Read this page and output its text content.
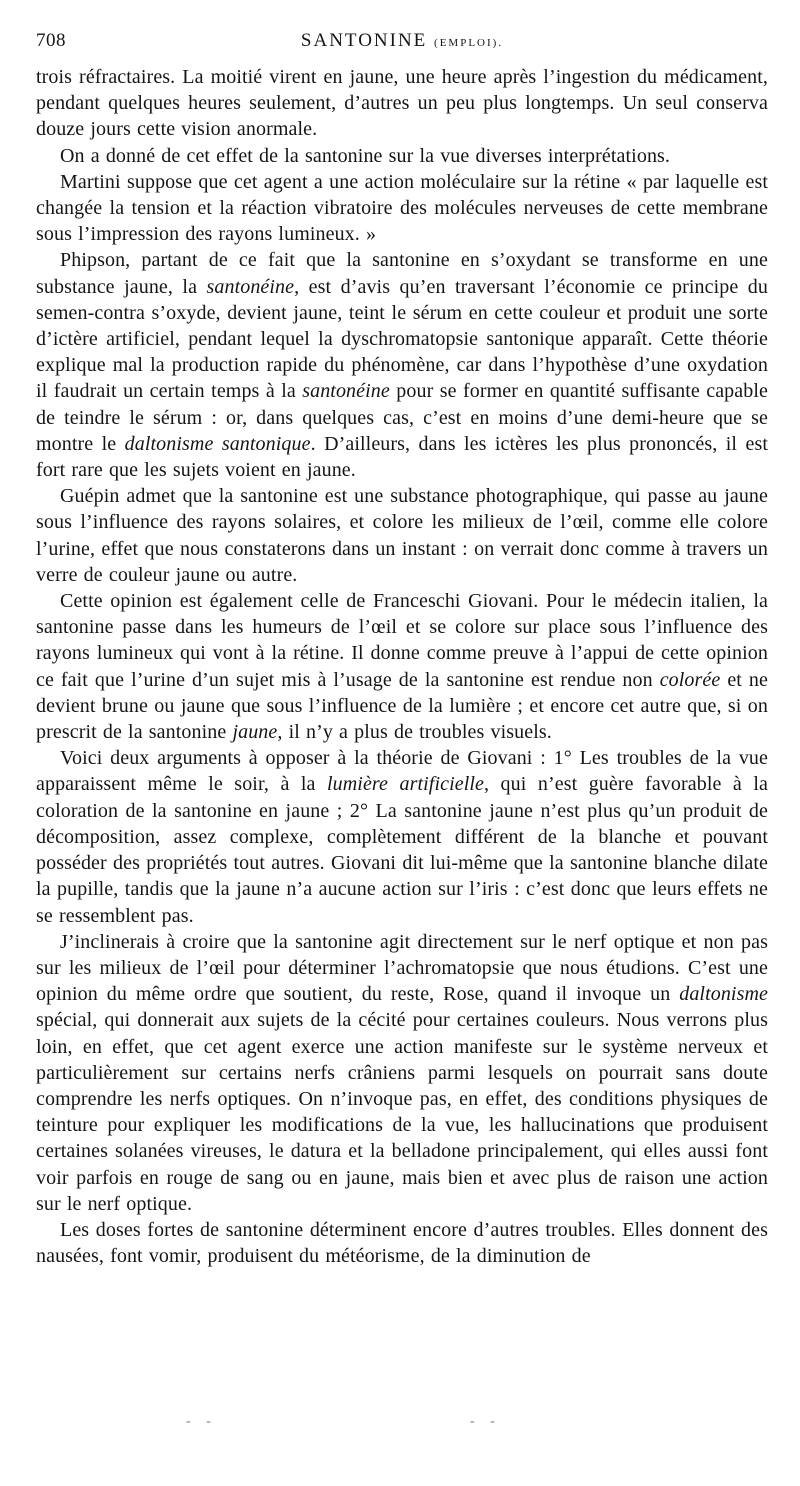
708	SANTONINE (EMPLOI).

trois réfractaires. La moitié virent en jaune, une heure après l’ingestion du médicament, pendant quelques heures seulement, d’autres un peu plus longtemps. Un seul conserva douze jours cette vision anormale.

On a donné de cet effet de la santonine sur la vue diverses interprétations.

Martini suppose que cet agent a une action moléculaire sur la rétine « par laquelle est changée la tension et la réaction vibratoire des molécules nerveuses de cette membrane sous l’impression des rayons lumineux. »

Phipson, partant de ce fait que la santonine en s’oxydant se transforme en une substance jaune, la santonéine, est d’avis qu’en traversant l’économie ce principe du semen-contra s’oxyde, devient jaune, teint le sérum en cette couleur et produit une sorte d’ictère artificiel, pendant lequel la dyschromatopsie santonique apparaît. Cette théorie explique mal la production rapide du phénomène, car dans l’hypothèse d’une oxydation il faudrait un certain temps à la santonéine pour se former en quantité suffisante capable de teindre le sérum : or, dans quelques cas, c’est en moins d’une demi-heure que se montre le daltonisme santonique. D’ailleurs, dans les ictères les plus prononcés, il est fort rare que les sujets voient en jaune.

Guépin admet que la santonine est une substance photographique, qui passe au jaune sous l’influence des rayons solaires, et colore les milieux de l’œil, comme elle colore l’urine, effet que nous constaterons dans un instant : on verrait donc comme à travers un verre de couleur jaune ou autre.

Cette opinion est également celle de Franceschi Giovani. Pour le médecin italien, la santonine passe dans les humeurs de l’œil et se colore sur place sous l’influence des rayons lumineux qui vont à la rétine. Il donne comme preuve à l’appui de cette opinion ce fait que l’urine d’un sujet mis à l’usage de la santonine est rendue non colorée et ne devient brune ou jaune que sous l’influence de la lumière ; et encore cet autre que, si on prescrit de la santonine jaune, il n’y a plus de troubles visuels.

Voici deux arguments à opposer à la théorie de Giovani : 1° Les troubles de la vue apparaissent même le soir, à la lumière artificielle, qui n’est guère favorable à la coloration de la santonine en jaune ; 2° La santonine jaune n’est plus qu’un produit de décomposition, assez complexe, complètement différent de la blanche et pouvant posséder des propriétés tout autres. Giovani dit lui-même que la santonine blanche dilate la pupille, tandis que la jaune n’a aucune action sur l’iris : c’est donc que leurs effets ne se ressemblent pas.

J’inclinerais à croire que la santonine agit directement sur le nerf optique et non pas sur les milieux de l’œil pour déterminer l’achromatopsie que nous étudions. C’est une opinion du même ordre que soutient, du reste, Rose, quand il invoque un daltonisme spécial, qui donnerait aux sujets de la cécité pour certaines couleurs. Nous verrons plus loin, en effet, que cet agent exerce une action manifeste sur le système nerveux et particulièrement sur certains nerfs crâniens parmi lesquels on pourrait sans doute comprendre les nerfs optiques. On n’invoque pas, en effet, des conditions physiques de teinture pour expliquer les modifications de la vue, les hallucinations que produisent certaines solanées vireuses, le datura et la belladone principalement, qui elles aussi font voir parfois en rouge de sang ou en jaune, mais bien et avec plus de raison une action sur le nerf optique.

Les doses fortes de santonine déterminent encore d’autres troubles. Elles donnent des nausées, font vomir, produisent du météorisme, de la diminution de

- -	- -
